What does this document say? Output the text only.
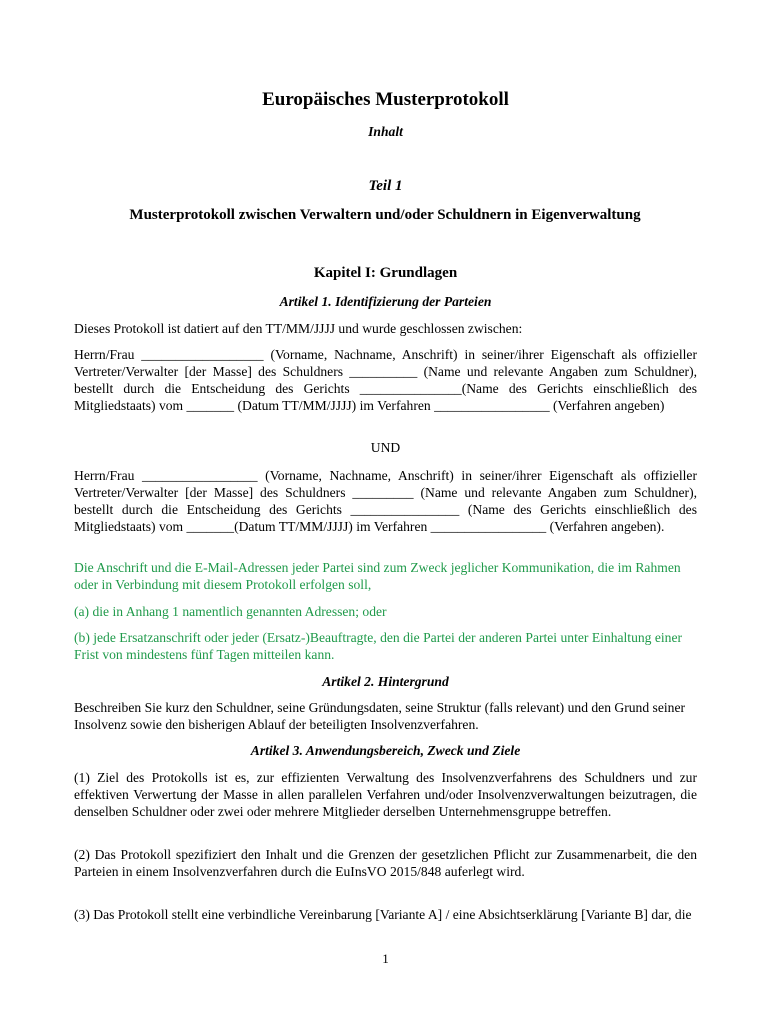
Europäisches Musterprotokoll
Inhalt
Teil 1
Musterprotokoll zwischen Verwaltern und/oder Schuldnern in Eigenverwaltung
Kapitel I: Grundlagen
Artikel 1. Identifizierung der Parteien

Dieses Protokoll ist datiert auf den TT/MM/JJJJ und wurde geschlossen zwischen:

Herrn/Frau __________________ (Vorname, Nachname, Anschrift) in seiner/ihrer Eigenschaft als offizieller Vertreter/Verwalter [der Masse] des Schuldners __________ (Name und relevante Angaben zum Schuldner), bestellt durch die Entscheidung des Gerichts _______________(Name des Gerichts einschließlich des Mitgliedstaats) vom _______ (Datum TT/MM/JJJJ) im Verfahren _________________ (Verfahren angeben)

UND

Herrn/Frau _________________ (Vorname, Nachname, Anschrift) in seiner/ihrer Eigenschaft als offizieller Vertreter/Verwalter [der Masse] des Schuldners _________ (Name und relevante Angaben zum Schuldner), bestellt durch die Entscheidung des Gerichts ________________ (Name des Gerichts einschließlich des Mitgliedstaats) vom _______(Datum TT/MM/JJJJ) im Verfahren _________________ (Verfahren angeben).

Die Anschrift und die E-Mail-Adressen jeder Partei sind zum Zweck jeglicher Kommunikation, die im Rahmen oder in Verbindung mit diesem Protokoll erfolgen soll,

(a) die in Anhang 1 namentlich genannten Adressen; oder

(b) jede Ersatzanschrift oder jeder (Ersatz-)Beauftragte, den die Partei der anderen Partei unter Einhaltung einer Frist von mindestens fünf Tagen mitteilen kann.

Artikel 2. Hintergrund

Beschreiben Sie kurz den Schuldner, seine Gründungsdaten, seine Struktur (falls relevant) und den Grund seiner Insolvenz sowie den bisherigen Ablauf der beteiligten Insolvenzverfahren.

Artikel 3. Anwendungsbereich, Zweck und Ziele

(1) Ziel des Protokolls ist es, zur effizienten Verwaltung des Insolvenzverfahrens des Schuldners und zur effektiven Verwertung der Masse in allen parallelen Verfahren und/oder Insolvenzverwaltungen beizutragen, die denselben Schuldner oder zwei oder mehrere Mitglieder derselben Unternehmensgruppe betreffen.

(2) Das Protokoll spezifiziert den Inhalt und die Grenzen der gesetzlichen Pflicht zur Zusammenarbeit, die den Parteien in einem Insolvenzverfahren durch die EuInsVO 2015/848 auferlegt wird.

(3) Das Protokoll stellt eine verbindliche Vereinbarung [Variante A] / eine Absichtserklärung [Variante B] dar, die

1
